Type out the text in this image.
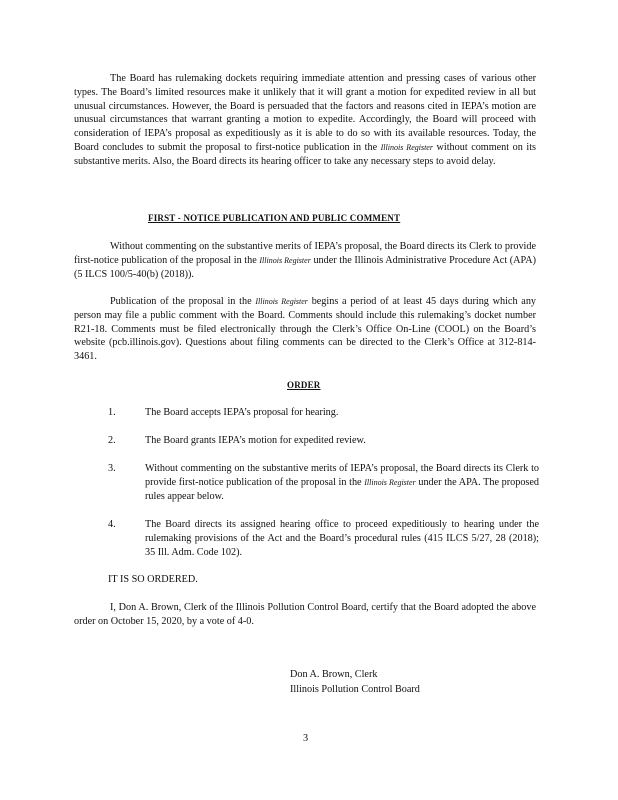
The Board has rulemaking dockets requiring immediate attention and pressing cases of various other types. The Board’s limited resources make it unlikely that it will grant a motion for expedited review in all but unusual circumstances. However, the Board is persuaded that the factors and reasons cited in IEPA’s motion are unusual circumstances that warrant granting a motion to expedite. Accordingly, the Board will proceed with consideration of IEPA’s proposal as expeditiously as it is able to do so with its available resources. Today, the Board concludes to submit the proposal to first-notice publication in the Illinois Register without comment on its substantive merits. Also, the Board directs its hearing officer to take any necessary steps to avoid delay.

FIRST - NOTICE PUBLICATION AND PUBLIC COMMENT

Without commenting on the substantive merits of IEPA’s proposal, the Board directs its Clerk to provide first-notice publication of the proposal in the Illinois Register under the Illinois Administrative Procedure Act (APA) (5 ILCS 100/5-40(b) (2018)).

Publication of the proposal in the Illinois Register begins a period of at least 45 days during which any person may file a public comment with the Board. Comments should include this rulemaking’s docket number R21-18. Comments must be filed electronically through the Clerk’s Office On-Line (COOL) on the Board’s website (pcb.illinois.gov). Questions about filing comments can be directed to the Clerk’s Office at 312-814-3461.

ORDER
1.	The Board accepts IEPA’s proposal for hearing.
2.	The Board grants IEPA’s motion for expedited review.
3.	Without commenting on the substantive merits of IEPA’s proposal, the Board directs its Clerk to provide first-notice publication of the proposal in the Illinois Register under the APA. The proposed rules appear below.
4.	The Board directs its assigned hearing office to proceed expeditiously to hearing under the rulemaking provisions of the Act and the Board’s procedural rules (415 ILCS 5/27, 28 (2018); 35 Ill. Adm. Code 102).
IT IS SO ORDERED.

I, Don A. Brown, Clerk of the Illinois Pollution Control Board, certify that the Board adopted the above order on October 15, 2020, by a vote of 4-0.

Don A. Brown, Clerk
Illinois Pollution Control Board
3
